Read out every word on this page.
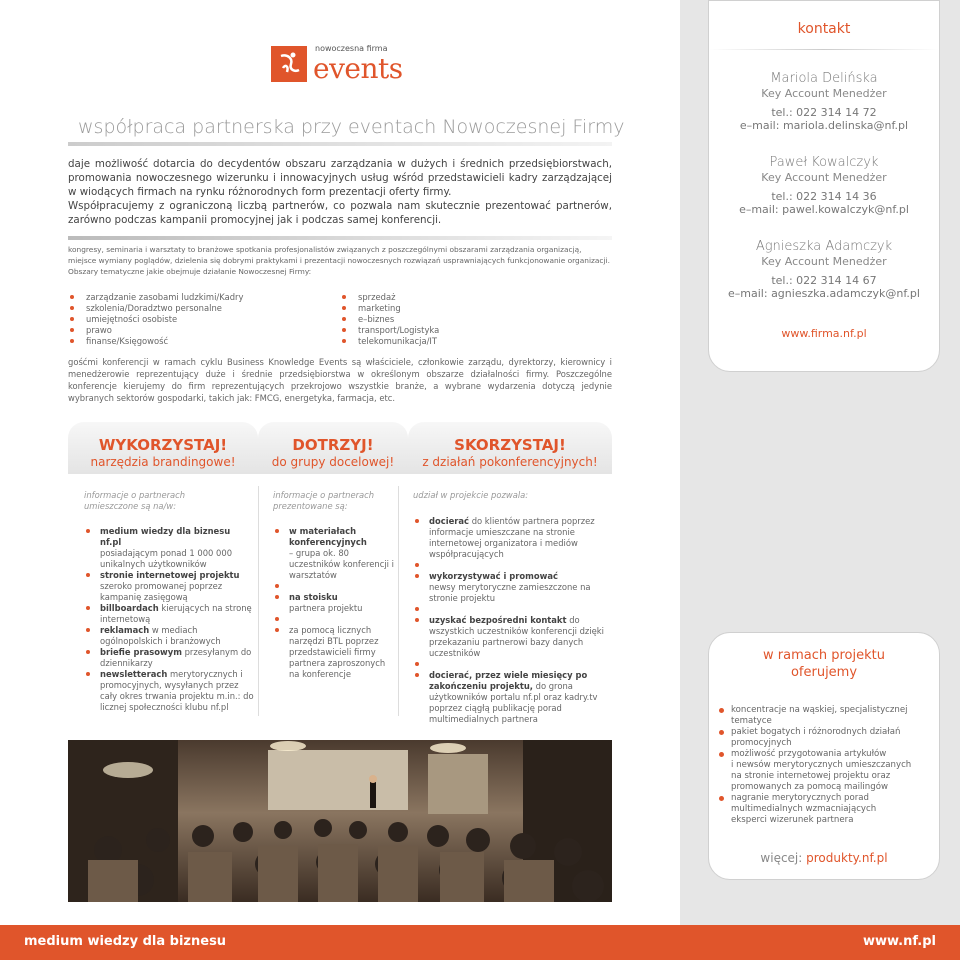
nowoczesna firma
events
współpraca partnerska przy eventach Nowoczesnej Firmy
daje możliwość dotarcia do decydentów obszaru zarządzania w dużych i średnich przedsiębiorstwach, promowania nowoczesnego wizerunku i innowacyjnych usług wśród przedstawicieli kadry zarządzającej w wiodących firmach na rynku różnorodnych form prezentacji oferty firmy.
Współpracujemy z ograniczoną liczbą partnerów, co pozwala nam skutecznie prezentować partnerów, zarówno podczas kampanii promocyjnej jak i podczas samej konferencji.
kongresy, seminaria i warsztaty to branżowe spotkania profesjonalistów związanych z poszczególnymi obszarami zarządzania organizacją, miejsce wymiany poglądów, dzielenia się dobrymi praktykami i prezentacji nowoczesnych rozwiązań usprawniających funkcjonowanie organizacji.
Obszary tematyczne jakie obejmuje działanie Nowoczesnej Firmy:
zarządzanie zasobami ludzkimi/Kadry
szkolenia/Doradztwo personalne
umiejętności osobiste
prawo
finanse/Księgowość
sprzedaż
marketing
e–biznes
transport/Logistyka
telekomunikacja/IT
gośćmi konferencji w ramach cyklu Business Knowledge Events są właściciele, członkowie zarządu, dyrektorzy, kierownicy i menedżerowie reprezentujący duże i średnie przedsiębiorstwa w określonym obszarze działalności firmy. Poszczególne konferencje kierujemy do firm reprezentujących przekrojowo wszystkie branże, a wybrane wydarzenia dotyczą jedynie wybranych sektorów gospodarki, takich jak: FMCG, energetyka, farmacja, etc.
WYKORZYSTAJ!
narzędzia brandingowe!
DOTRZYJ!
do grupy docelowej!
SKORZYSTAJ!
z działań pokonferencyjnych!
informacje o partnerach
umieszczone są na/w:
medium wiedzy dla biznesu nf.pl
posiadającym ponad 1 000 000 unikalnych użytkowników
stronie internetowej projektu
szeroko promowanej poprzez kampanię zasięgową
billboardach kierujących na stronę internetową
reklamach w mediach ogólnopolskich i branżowych
briefie prasowym przesyłanym do dziennikarzy
newsletterach merytorycznych i promocyjnych, wysyłanych przez cały okres trwania projektu m.in.: do licznej społeczności klubu nf.pl
informacje o partnerach
prezentowane są:
w materiałach konferencyjnych
– grupa ok. 80 uczestników konferencji i warsztatów
na stoisku
partnera projektu
za pomocą licznych narzędzi BTL poprzez przedstawicieli firmy partnera zaproszonych na konferencje
udział w projekcie pozwala:
docierać do klientów partnera poprzez informacje umieszczane na stronie internetowej organizatora i mediów współpracujących
wykorzystywać i promować
newsy merytoryczne zamieszczone na stronie projektu
uzyskać bezpośredni kontakt do wszystkich uczestników konferencji dzięki przekazaniu partnerowi bazy danych uczestników
docierać, przez wiele miesięcy po zakończeniu projektu, do grona użytkowników portalu nf.pl oraz kadry.tv poprzez ciągłą publikację porad multimedialnych partnera
kontakt
Mariola Delińska
Key Account Menedżer
tel.: 022 314 14 72
e–mail: mariola.delinska@nf.pl
Paweł Kowalczyk
Key Account Menedżer
tel.: 022 314 14 36
e–mail: pawel.kowalczyk@nf.pl
Agnieszka Adamczyk
Key Account Menedżer
tel.: 022 314 14 67
e–mail: agnieszka.adamczyk@nf.pl
www.firma.nf.pl
w ramach projektu
oferujemy
koncentracje na wąskiej, specjalistycznej
tematyce
pakiet bogatych i różnorodnych działań
promocyjnych
możliwość przygotowania artykułów
i newsów merytorycznych umieszczanych
na stronie internetowej projektu oraz
promowanych za pomocą mailingów
nagranie merytorycznych porad
multimedialnych wzmacniających
eksperci wizerunek partnera
więcej: produkty.nf.pl
medium wiedzy dla biznesu	www.nf.pl
